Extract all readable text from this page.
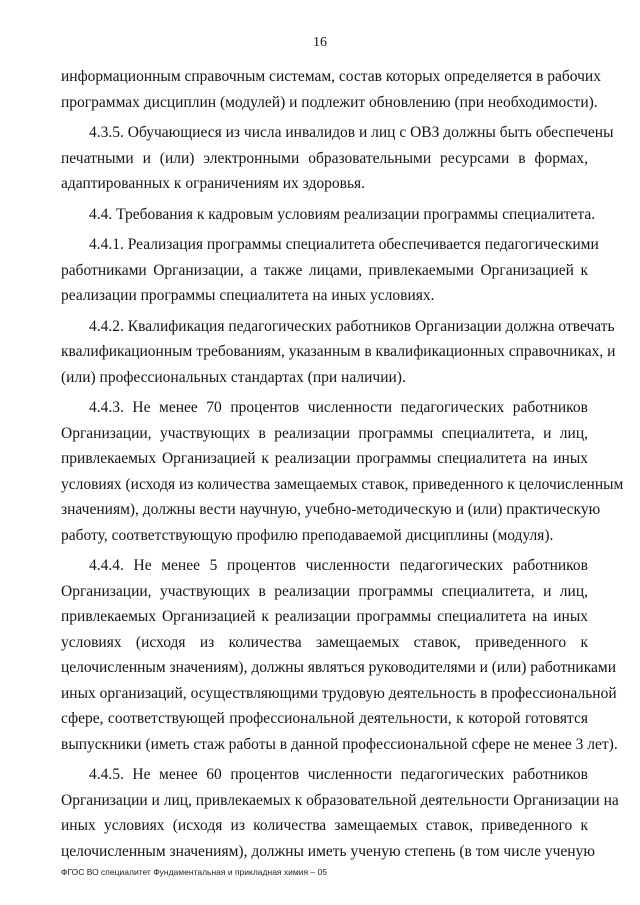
16
информационным справочным системам, состав которых определяется в рабочих
программах дисциплин (модулей) и подлежит обновлению (при необходимости).
4.3.5. Обучающиеся из числа инвалидов и лиц с ОВЗ должны быть обеспечены
печатными и (или) электронными образовательными ресурсами в формах,
адаптированных к ограничениям их здоровья.
4.4. Требования к кадровым условиям реализации программы специалитета.
4.4.1. Реализация программы специалитета обеспечивается педагогическими
работниками Организации, а также лицами, привлекаемыми Организацией к
реализации программы специалитета на иных условиях.
4.4.2. Квалификация педагогических работников Организации должна отвечать
квалификационным требованиям, указанным в квалификационных справочниках, и
(или) профессиональных стандартах (при наличии).
4.4.3. Не менее 70 процентов численности педагогических работников
Организации, участвующих в реализации программы специалитета, и лиц,
привлекаемых Организацией к реализации программы специалитета на иных
условиях (исходя из количества замещаемых ставок, приведенного к целочисленным
значениям), должны вести научную, учебно-методическую и (или) практическую
работу, соответствующую профилю преподаваемой дисциплины (модуля).
4.4.4. Не менее 5 процентов численности педагогических работников
Организации, участвующих в реализации программы специалитета, и лиц,
привлекаемых Организацией к реализации программы специалитета на иных
условиях (исходя из количества замещаемых ставок, приведенного к
целочисленным значениям), должны являться руководителями и (или) работниками
иных организаций, осуществляющими трудовую деятельность в профессиональной
сфере, соответствующей профессиональной деятельности, к которой готовятся
выпускники (иметь стаж работы в данной профессиональной сфере не менее 3 лет).
4.4.5. Не менее 60 процентов численности педагогических работников
Организации и лиц, привлекаемых к образовательной деятельности Организации на
иных условиях (исходя из количества замещаемых ставок, приведенного к
целочисленным значениям), должны иметь ученую степень (в том числе ученую
ФГОС ВО специалитет Фундаментальная и прикладная химия – 05
